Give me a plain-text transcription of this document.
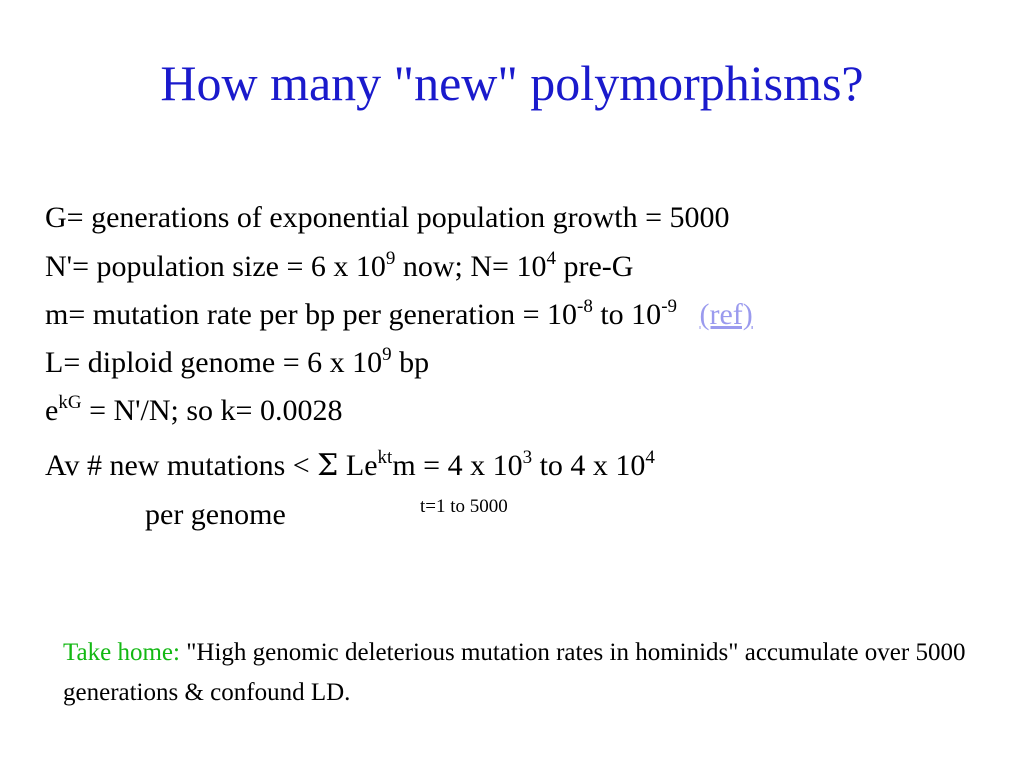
How many "new" polymorphisms?
G= generations of exponential population growth = 5000
N'= population size = 6 x $10^9$ now; $N= 10^4$ pre-G
m= mutation rate per bp per generation = $10^{-8}$ to $10^{-9}$ (ref)
L= diploid genome = 6 x $10^9$ bp
$e^{kG} = N'/N$; so k= 0.0028
Av # new mutations < Σ $Le^{kt}m = 4$ x $10^3$ to 4 x $10^4$
t=1 to 5000
per genome
Take home: "High genomic deleterious mutation rates in hominids" accumulate over 5000 generations & confound LD.
